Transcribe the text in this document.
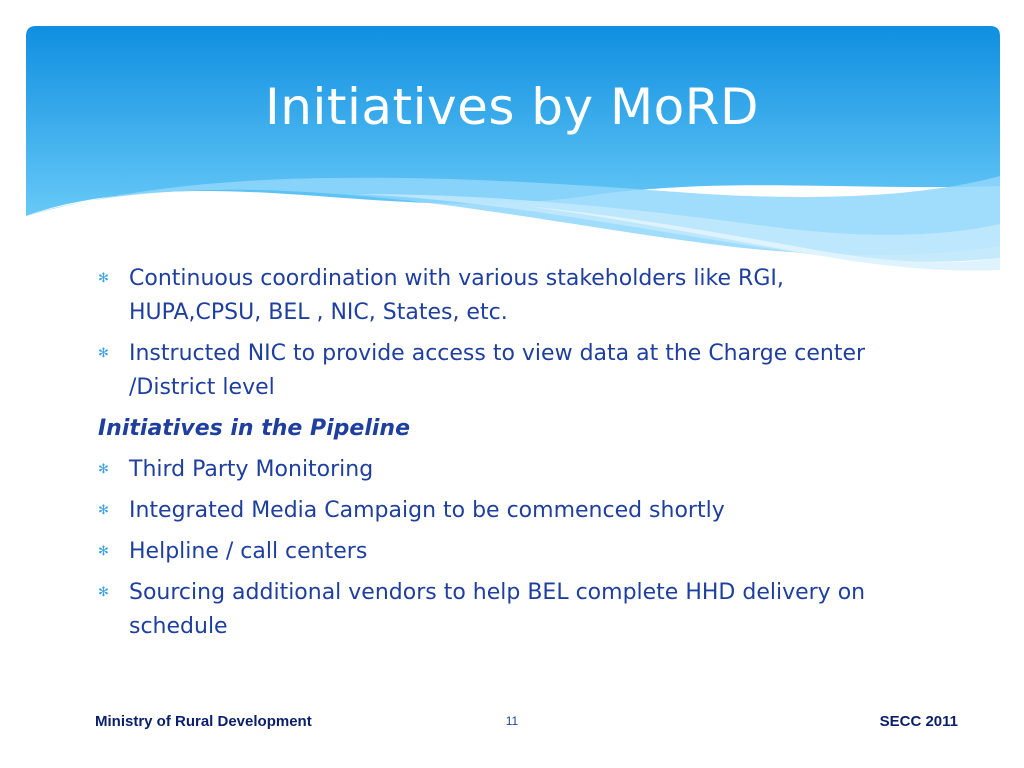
Initiatives by MoRD
✻ Continuous coordination with various stakeholders like RGI, HUPA,CPSU, BEL , NIC, States, etc.
✻ Instructed NIC to provide access to view data at the Charge center /District level
Initiatives in the Pipeline
✻ Third Party Monitoring
✻ Integrated Media Campaign to be commenced shortly
✻ Helpline / call centers
✻ Sourcing additional vendors to help BEL complete HHD delivery on schedule
Ministry of Rural Development	11	SECC 2011
